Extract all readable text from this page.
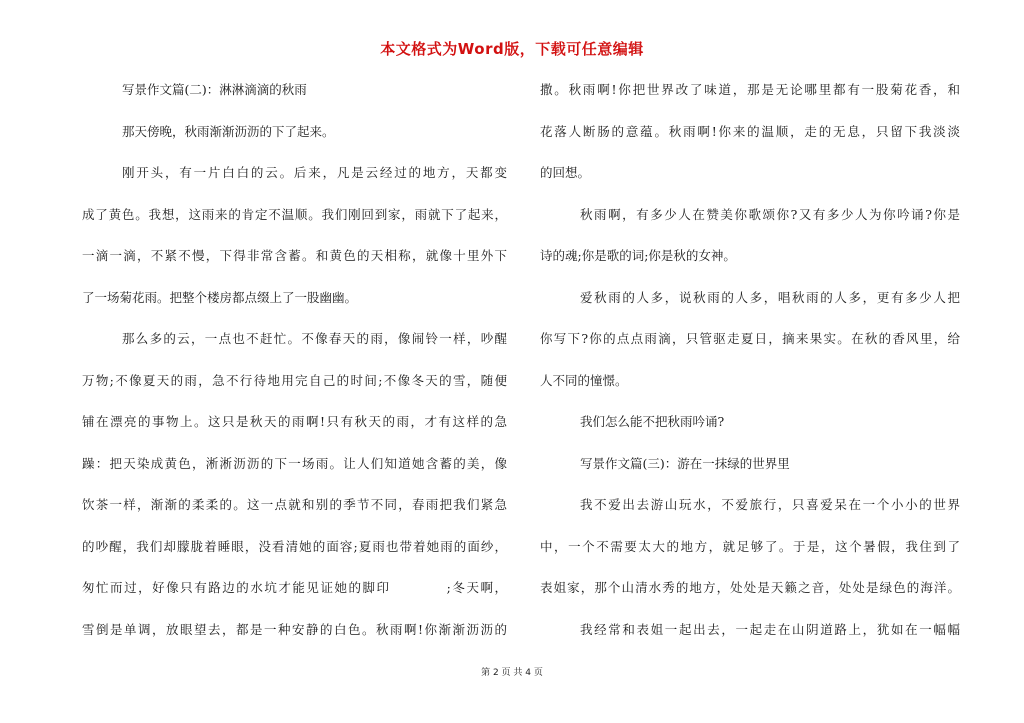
本文格式为Word版，下载可任意编辑
写景作文篇(二)：淋淋滴滴的秋雨
那天傍晚，秋雨渐渐沥沥的下了起来。
刚开头，有一片白白的云。后来，凡是云经过的地方，天都变
成了黄色。我想，这雨来的肯定不温顺。我们刚回到家，雨就下了起来，
一滴一滴，不紧不慢，下得非常含蓄。和黄色的天相称，就像十里外下
了一场菊花雨。把整个楼房都点缀上了一股幽幽。
那么多的云，一点也不赶忙。不像春天的雨，像闹铃一样，吵醒
万物;不像夏天的雨，急不行待地用完自己的时间;不像冬天的雪，随便
铺在漂亮的事物上。这只是秋天的雨啊!只有秋天的雨，才有这样的急
躁：把天染成黄色，淅淅沥沥的下一场雨。让人们知道她含蓄的美，像
饮茶一样，渐渐的柔柔的。这一点就和别的季节不同，春雨把我们紧急
的吵醒，我们却朦胧着睡眼，没看清她的面容;夏雨也带着她雨的面纱，
匆忙而过，好像只有路边的水坑才能见证她的脚印　　　　;冬天啊，
雪倒是单调，放眼望去，都是一种安静的白色。秋雨啊!你渐渐沥沥的
撒。秋雨啊!你把世界改了味道，那是无论哪里都有一股菊花香，和
花落人断肠的意蕴。秋雨啊!你来的温顺，走的无息，只留下我淡淡
的回想。
秋雨啊，有多少人在赞美你歌颂你?又有多少人为你吟诵?你是
诗的魂;你是歌的词;你是秋的女神。
爱秋雨的人多，说秋雨的人多，唱秋雨的人多，更有多少人把
你写下?你的点点雨滴，只管驱走夏日，摘来果实。在秋的香风里，给
人不同的憧憬。
我们怎么能不把秋雨吟诵?
写景作文篇(三)：游在一抹绿的世界里
我不爱出去游山玩水，不爱旅行，只喜爱呆在一个小小的世界
中，一个不需要太大的地方，就足够了。于是，这个暑假，我住到了
表姐家，那个山清水秀的地方，处处是天籁之音，处处是绿色的海洋。
我经常和表姐一起出去，一起走在山阴道路上，犹如在一幅幅
第 2 页 共 4 页
